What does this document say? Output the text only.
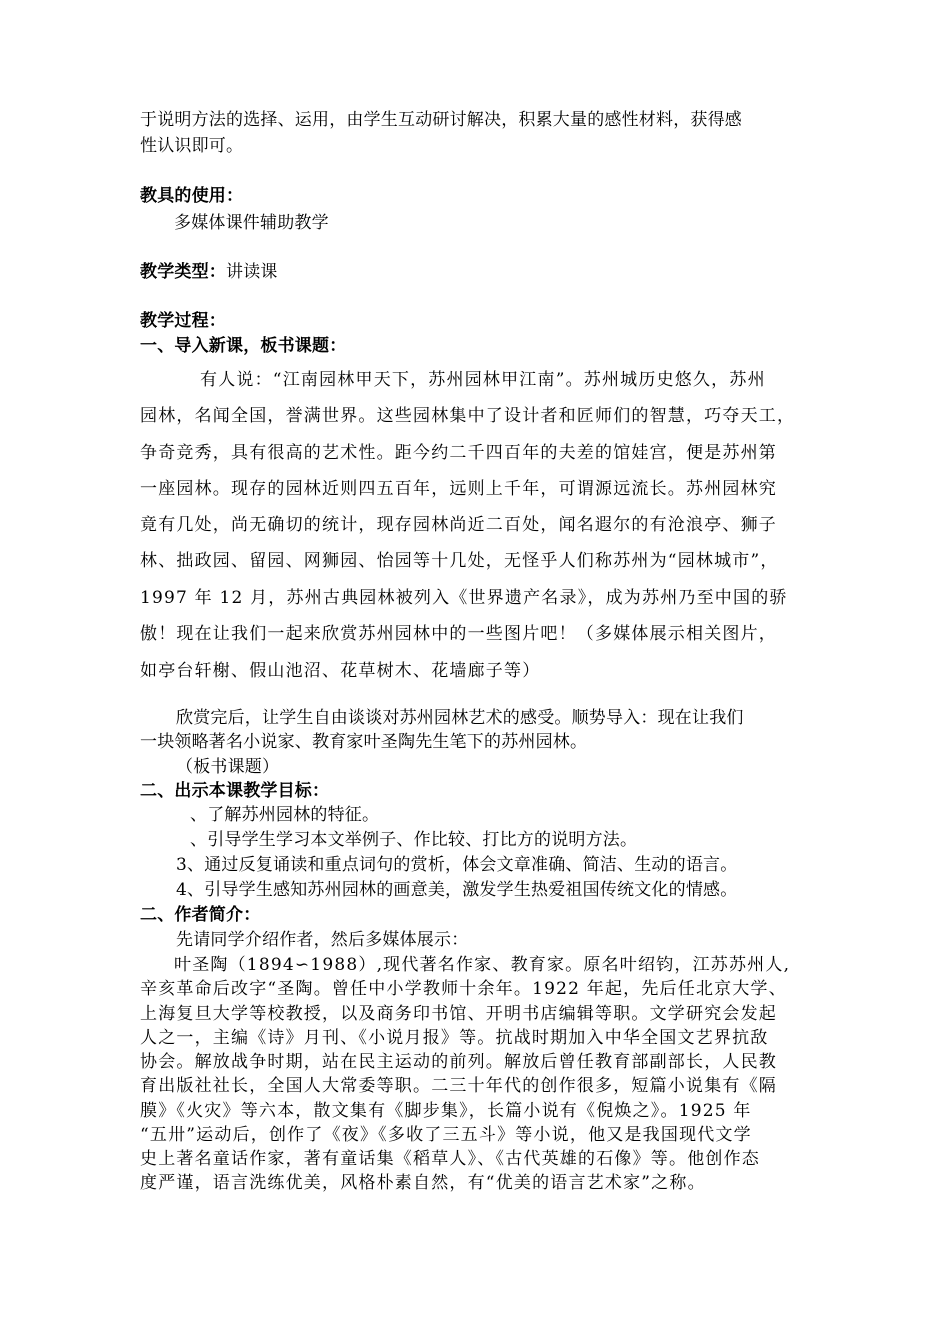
于说明方法的选择、运用，由学生互动研讨解决，积累大量的感性材料，获得感
性认识即可。
教具的使用：
多媒体课件辅助教学
教学类型：讲读课
教学过程：
一、导入新课，板书课题：
有人说：“江南园林甲天下，苏州园林甲江南”。苏州城历史悠久，苏州
园林，名闻全国，誉满世界。这些园林集中了设计者和匠师们的智慧，巧夺天工，
争奇竞秀，具有很高的艺术性。距今约二千四百年的夫差的馆娃宫，便是苏州第
一座园林。现存的园林近则四五百年，远则上千年，可谓源远流长。苏州园林究
竟有几处，尚无确切的统计，现存园林尚近二百处，闻名遐尔的有沧浪亭、狮子
林、拙政园、留园、网狮园、怡园等十几处，无怪乎人们称苏州为“园林城市”，
1997 年 12 月，苏州古典园林被列入《世界遗产名录》，成为苏州乃至中国的骄
傲！现在让我们一起来欣赏苏州园林中的一些图片吧！（多媒体展示相关图片，
如亭台轩榭、假山池沼、花草树木、花墙廊子等）
欣赏完后，让学生自由谈谈对苏州园林艺术的感受。顺势导入：现在让我们
一块领略著名小说家、教育家叶圣陶先生笔下的苏州园林。
（板书课题）
二、出示本课教学目标：
、了解苏州园林的特征。
、引导学生学习本文举例子、作比较、打比方的说明方法。
3、通过反复诵读和重点词句的赏析，体会文章准确、简洁、生动的语言。
4、引导学生感知苏州园林的画意美，激发学生热爱祖国传统文化的情感。
二、作者简介：
先请同学介绍作者，然后多媒体展示：
叶圣陶（1894∽1988）,现代著名作家、教育家。原名叶绍钧，江苏苏州人,
辛亥革命后改字“圣陶。曾任中小学教师十余年。1922 年起，先后任北京大学、
上海复旦大学等校教授，以及商务印书馆、开明书店编辑等职。文学研究会发起
人之一，主编《诗》月刊、《小说月报》等。抗战时期加入中华全国文艺界抗敌
协会。解放战争时期，站在民主运动的前列。解放后曾任教育部副部长，人民教
育出版社社长，全国人大常委等职。二三十年代的创作很多，短篇小说集有《隔
膜》《火灾》等六本，散文集有《脚步集》，长篇小说有《倪焕之》。1925 年
“五卅”运动后，创作了《夜》《多收了三五斗》等小说，他又是我国现代文学
史上著名童话作家，著有童话集《稻草人》、《古代英雄的石像》等。他创作态
度严谨，语言洗练优美，风格朴素自然，有“优美的语言艺术家”之称。
